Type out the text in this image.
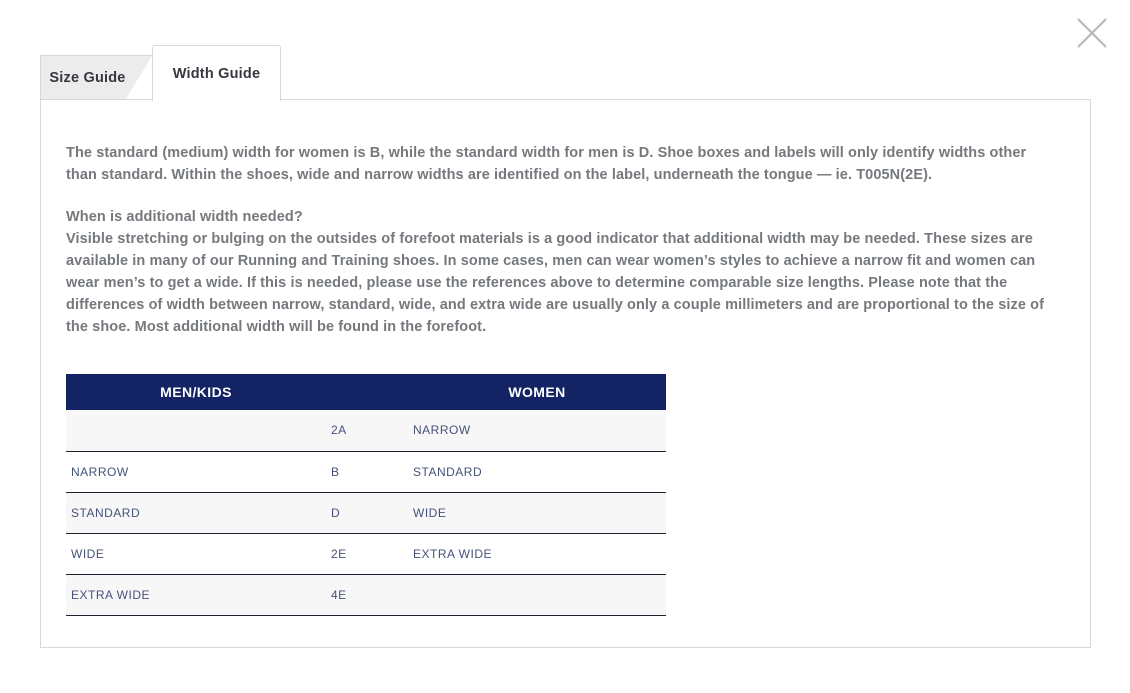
Size Guide	Width Guide

The standard (medium) width for women is B, while the standard width for men is D. Shoe boxes and labels will only identify widths other than standard. Within the shoes, wide and narrow widths are identified on the label, underneath the tongue — ie. T005N(2E).

When is additional width needed?

Visible stretching or bulging on the outsides of forefoot materials is a good indicator that additional width may be needed. These sizes are available in many of our Running and Training shoes. In some cases, men can wear women’s styles to achieve a narrow fit and women can wear men’s to get a wide. If this is needed, please use the references above to determine comparable size lengths. Please note that the differences of width between narrow, standard, wide, and extra wide are usually only a couple millimeters and are proportional to the size of the shoe. Most additional width will be found in the forefoot.

MEN/KIDS		WOMEN
	2A	NARROW
NARROW	B	STANDARD
STANDARD	D	WIDE
WIDE	2E	EXTRA WIDE
EXTRA WIDE	4E	
